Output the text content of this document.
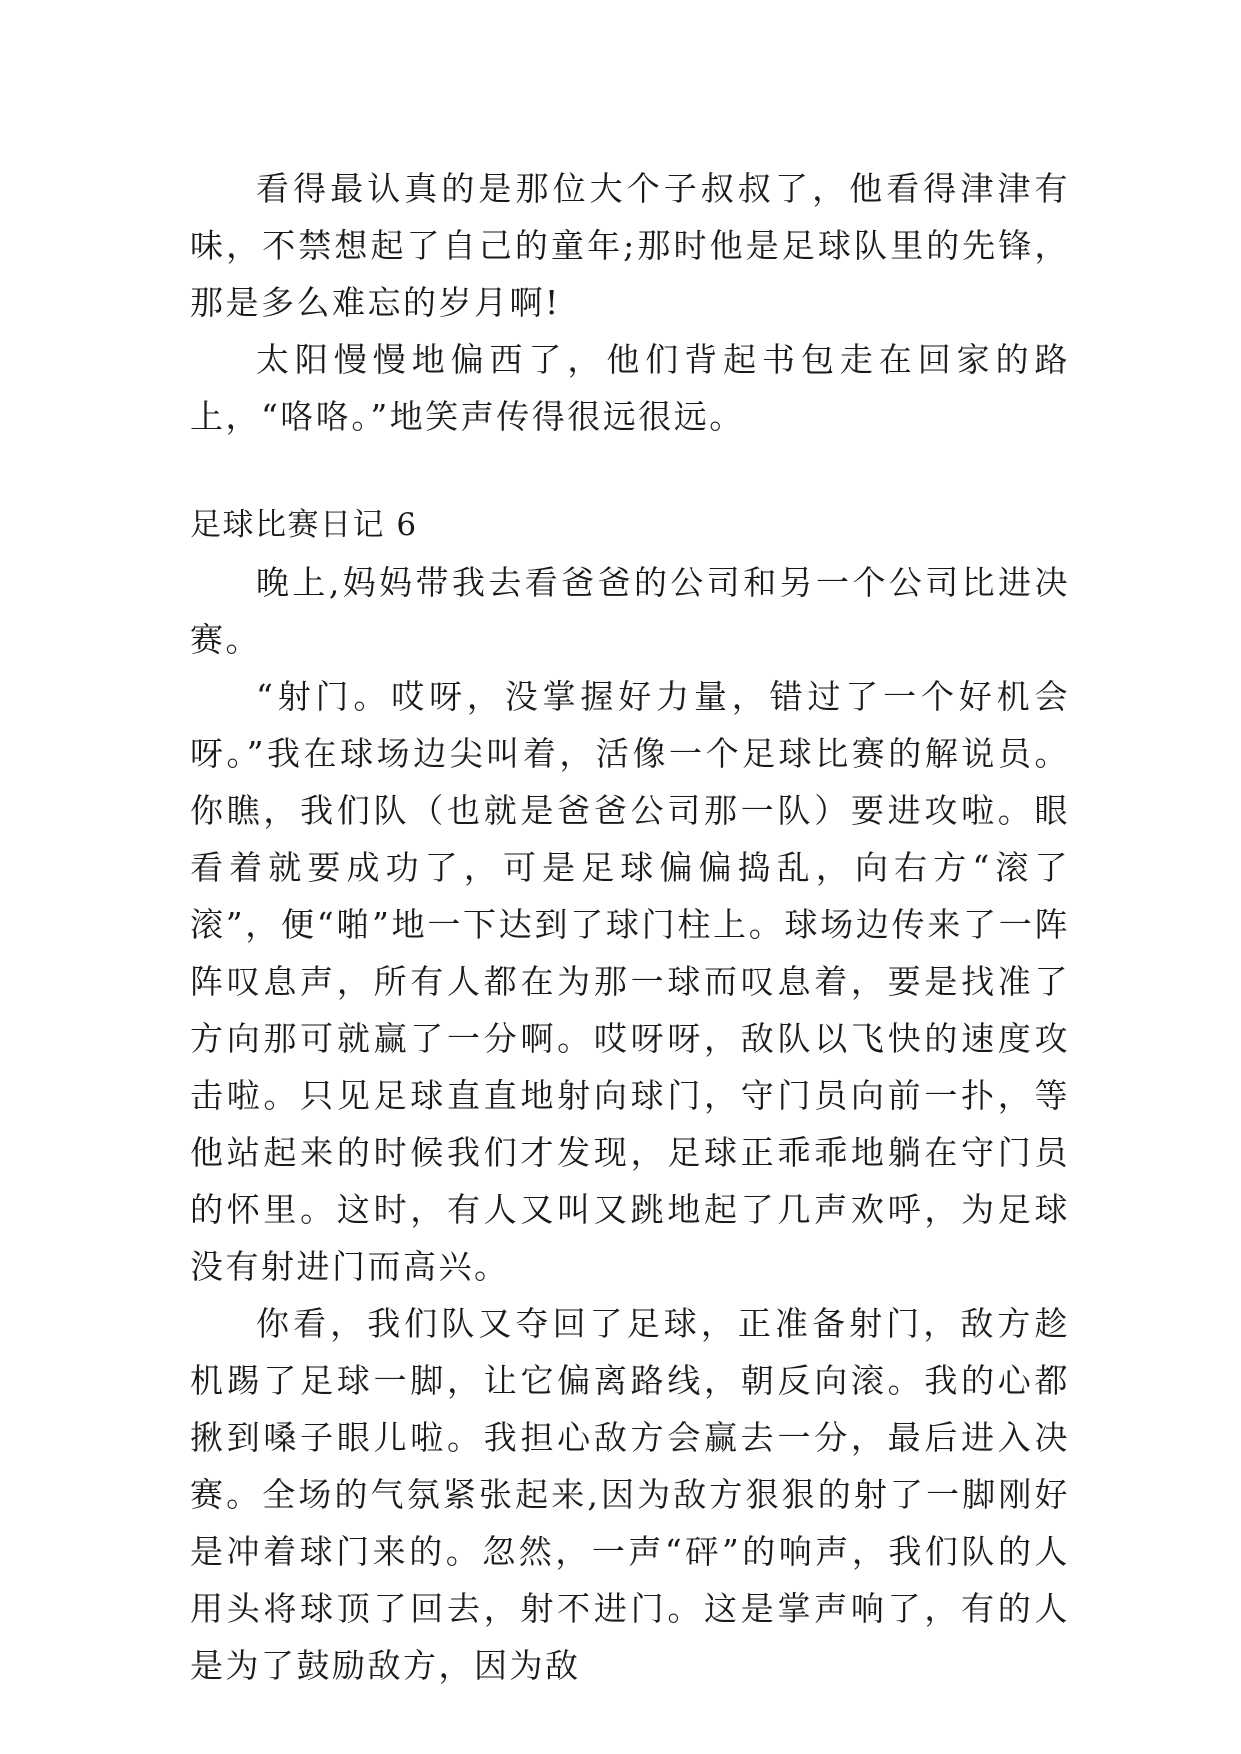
看得最认真的是那位大个子叔叔了，他看得津津有味，不禁想起了自己的童年;那时他是足球队里的先锋，那是多么难忘的岁月啊!

太阳慢慢地偏西了，他们背起书包走在回家的路上，“咯咯。”地笑声传得很远很远。

足球比赛日记 6

晚上,妈妈带我去看爸爸的公司和另一个公司比进决赛。

“射门。哎呀，没掌握好力量，错过了一个好机会呀。”我在球场边尖叫着，活像一个足球比赛的解说员。你瞧，我们队（也就是爸爸公司那一队）要进攻啦。眼看着就要成功了，可是足球偏偏捣乱，向右方“滚了滚”，便“啪”地一下达到了球门柱上。球场边传来了一阵阵叹息声，所有人都在为那一球而叹息着，要是找准了方向那可就赢了一分啊。哎呀呀，敌队以飞快的速度攻击啦。只见足球直直地射向球门，守门员向前一扑，等他站起来的时候我们才发现，足球正乖乖地躺在守门员的怀里。这时，有人又叫又跳地起了几声欢呼，为足球没有射进门而高兴。

你看，我们队又夺回了足球，正准备射门，敌方趁机踢了足球一脚，让它偏离路线，朝反向滚。我的心都揪到嗓子眼儿啦。我担心敌方会赢去一分，最后进入决赛。全场的气氛紧张起来,因为敌方狠狠的射了一脚刚好是冲着球门来的。忽然，一声“砰”的响声，我们队的人用头将球顶了回去，射不进门。这是掌声响了，有的人是为了鼓励敌方，因为敌
